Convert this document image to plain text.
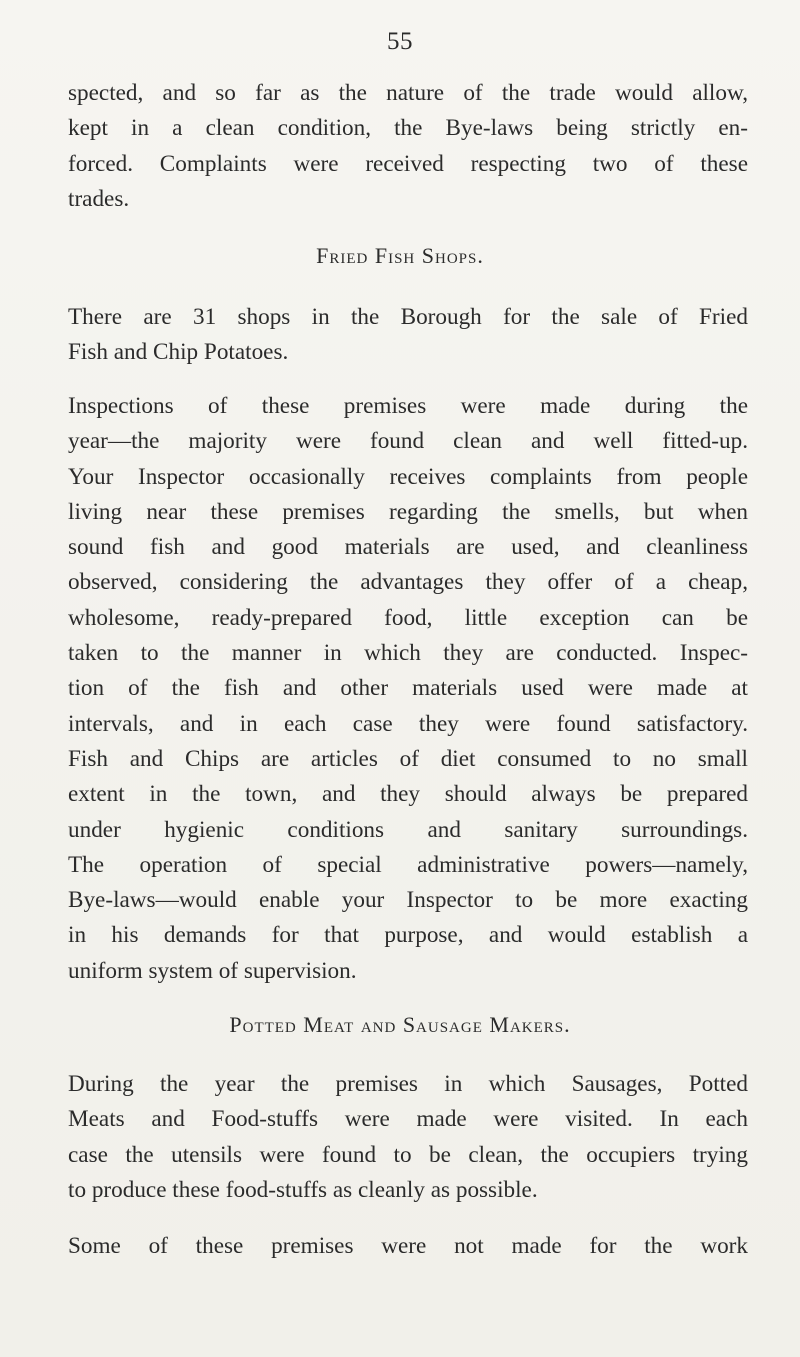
55

spected, and so far as the nature of the trade would allow,
kept in a clean condition, the Bye-laws being strictly en-
forced. Complaints were received respecting two of these
trades.

Fried Fish Shops.

There are 31 shops in the Borough for the sale of Fried
Fish and Chip Potatoes.

Inspections of these premises were made during the
year—the majority were found clean and well fitted-up.
Your Inspector occasionally receives complaints from people
living near these premises regarding the smells, but when
sound fish and good materials are used, and cleanliness
observed, considering the advantages they offer of a cheap,
wholesome, ready-prepared food, little exception can be
taken to the manner in which they are conducted. Inspec-
tion of the fish and other materials used were made at
intervals, and in each case they were found satisfactory.
Fish and Chips are articles of diet consumed to no small
extent in the town, and they should always be prepared
under hygienic conditions and sanitary surroundings.
The operation of special administrative powers—namely,
Bye-laws—would enable your Inspector to be more exacting
in his demands for that purpose, and would establish a
uniform system of supervision.

Potted Meat and Sausage Makers.

During the year the premises in which Sausages, Potted
Meats and Food-stuffs were made were visited. In each
case the utensils were found to be clean, the occupiers trying
to produce these food-stuffs as cleanly as possible.

Some of these premises were not made for the work
